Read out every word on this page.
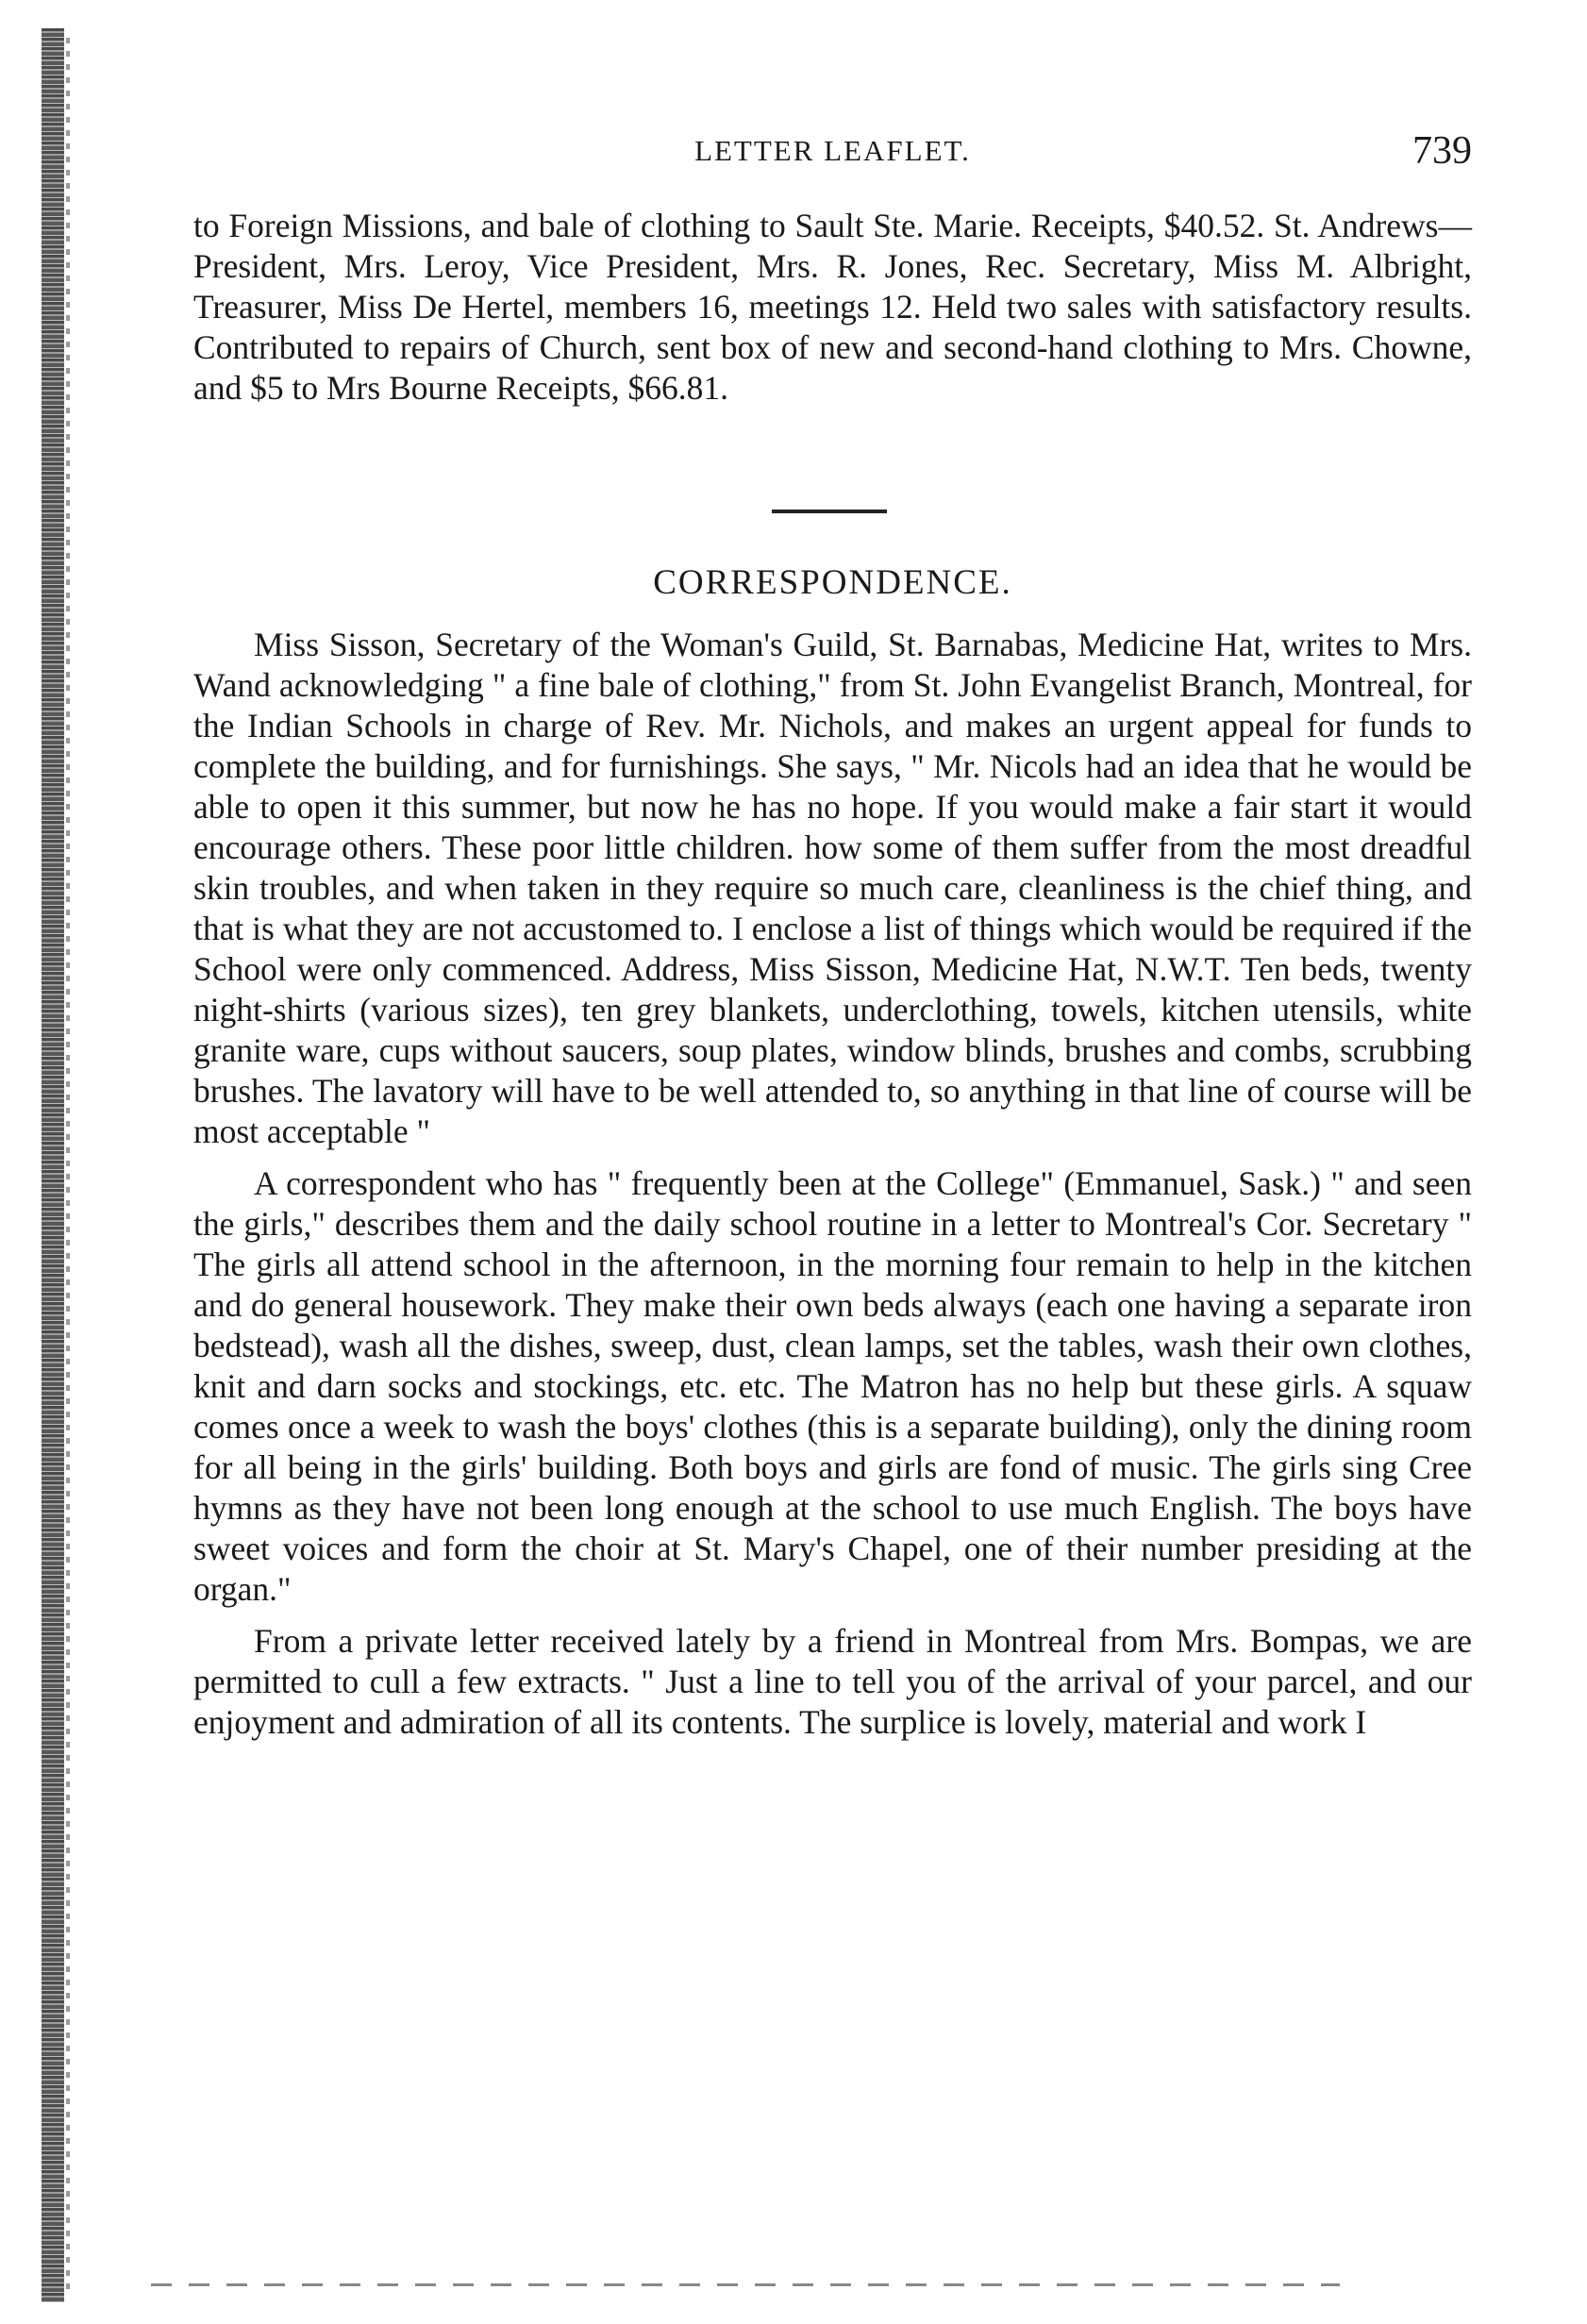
LETTER LEAFLET.	739

to Foreign Missions, and bale of clothing to Sault Ste. Marie. Receipts, $40.52. St. Andrews—President, Mrs. Leroy, Vice President, Mrs. R. Jones, Rec. Secretary, Miss M. Albright, Treasurer, Miss De Hertel, members 16, meetings 12. Held two sales with satisfactory results. Contributed to repairs of Church, sent box of new and second-hand clothing to Mrs. Chowne, and $5 to Mrs Bourne Receipts, $66.81.

CORRESPONDENCE.

Miss Sisson, Secretary of the Woman's Guild, St. Barnabas, Medicine Hat, writes to Mrs. Wand acknowledging " a fine bale of clothing," from St. John Evangelist Branch, Montreal, for the Indian Schools in charge of Rev. Mr. Nichols, and makes an urgent appeal for funds to complete the building, and for furnishings. She says, " Mr. Nicols had an idea that he would be able to open it this summer, but now he has no hope. If you would make a fair start it would encourage others. These poor little children. how some of them suffer from the most dreadful skin troubles, and when taken in they require so much care, cleanliness is the chief thing, and that is what they are not accustomed to. I enclose a list of things which would be required if the School were only commenced. Address, Miss Sisson, Medicine Hat, N.W.T. Ten beds, twenty night-shirts (various sizes), ten grey blankets, underclothing, towels, kitchen utensils, white granite ware, cups without saucers, soup plates, window blinds, brushes and combs, scrubbing brushes. The lavatory will have to be well attended to, so anything in that line of course will be most acceptable "

A correspondent who has " frequently been at the College" (Emmanuel, Sask.) " and seen the girls," describes them and the daily school routine in a letter to Montreal's Cor. Secretary " The girls all attend school in the afternoon, in the morning four remain to help in the kitchen and do general housework. They make their own beds always (each one having a separate iron bedstead), wash all the dishes, sweep, dust, clean lamps, set the tables, wash their own clothes, knit and darn socks and stockings, etc. etc. The Matron has no help but these girls. A squaw comes once a week to wash the boys' clothes (this is a separate building), only the dining room for all being in the girls' building. Both boys and girls are fond of music. The girls sing Cree hymns as they have not been long enough at the school to use much English. The boys have sweet voices and form the choir at St. Mary's Chapel, one of their number presiding at the organ."

From a private letter received lately by a friend in Montreal from Mrs. Bompas, we are permitted to cull a few extracts. " Just a line to tell you of the arrival of your parcel, and our enjoyment and admiration of all its contents. The surplice is lovely, material and work I
